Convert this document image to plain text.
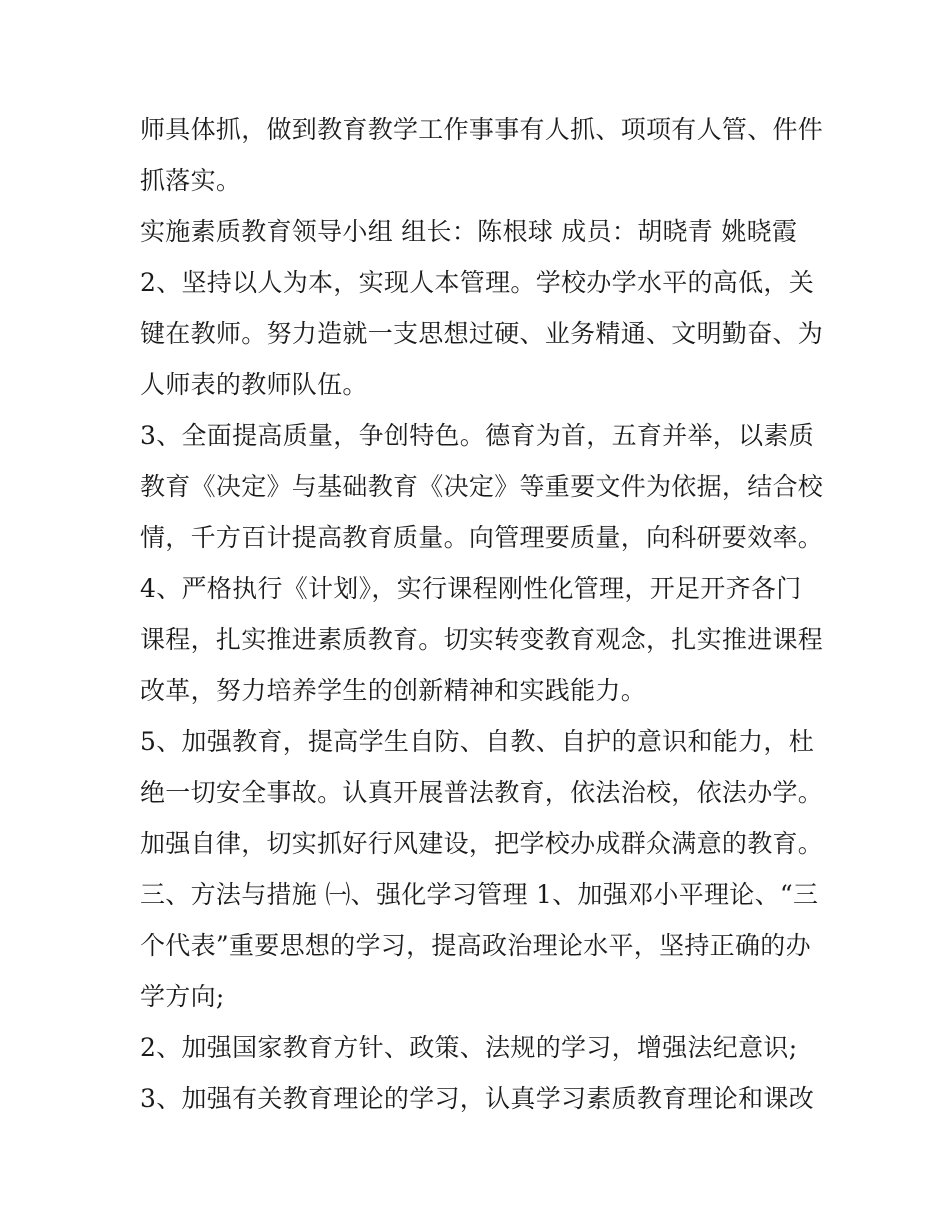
师具体抓，做到教育教学工作事事有人抓、项项有人管、件件
抓落实。
实施素质教育领导小组 组长：陈根球 成员：胡晓青 姚晓霞
2、坚持以人为本，实现人本管理。学校办学水平的高低，关
键在教师。努力造就一支思想过硬、业务精通、文明勤奋、为
人师表的教师队伍。
3、全面提高质量，争创特色。德育为首，五育并举，以素质
教育《决定》与基础教育《决定》等重要文件为依据，结合校
情，千方百计提高教育质量。向管理要质量，向科研要效率。
4、严格执行《计划》，实行课程刚性化管理，开足开齐各门
课程，扎实推进素质教育。切实转变教育观念，扎实推进课程
改革，努力培养学生的创新精神和实践能力。
5、加强教育，提高学生自防、自教、自护的意识和能力，杜
绝一切安全事故。认真开展普法教育，依法治校，依法办学。
加强自律，切实抓好行风建设，把学校办成群众满意的教育。
三、方法与措施 ㈠、强化学习管理 1、加强邓小平理论、“三
个代表”重要思想的学习，提高政治理论水平，坚持正确的办
学方向;
2、加强国家教育方针、政策、法规的学习，增强法纪意识;
3、加强有关教育理论的学习，认真学习素质教育理论和课改
